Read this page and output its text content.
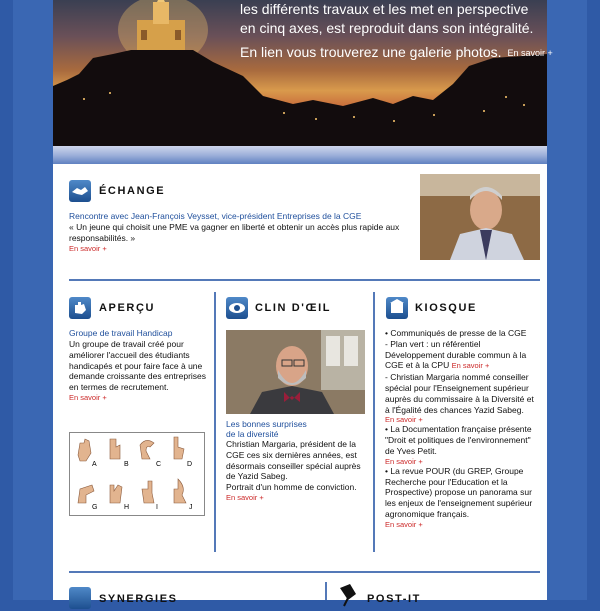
les différents travaux et les met en perspective
en cinq axes, est reproduit dans son intégralité.
En lien vous trouverez une galerie photos. En savoir +
ÉCHANGE
Rencontre avec Jean-François Veysset, vice-président Entreprises de la CGE
« Un jeune qui choisit une PME va gagner en liberté et obtenir un accès plus rapide aux responsabilités. »
En savoir +
APERÇU
Groupe de travail Handicap
Un groupe de travail créé pour améliorer l'accueil des étudiants handicapés et pour faire face à une demande croissante des entreprises en termes de recrutement.
En savoir +
A	B	C	D
G	H	I	J
CLIN D'ŒIL
Les bonnes surprises
de la diversité
Christian Margaria, président de la CGE ces six dernières années, est désormais conseiller spécial auprès de Yazid Sabeg.
Portrait d'un homme de conviction.
En savoir +
KIOSQUE
• Communiqués de presse de la CGE
- Plan vert : un référentiel Développement durable commun à la CGE et à la CPU En savoir +
- Christian Margaria nommé conseiller spécial pour l'Enseignement supérieur auprès du commissaire à la Diversité et à l'Égalité des chances Yazid Sabeg.
En savoir +
• La Documentation française présente "Droit et politiques de l'environnement" de Yves Petit.
En savoir +
• La revue POUR (du GREP, Groupe Recherche pour l'Education et la Prospective) propose un panorama sur les enjeux de l'enseignement supérieur agronomique français.
En savoir +
SYNERGIES	POST-IT
